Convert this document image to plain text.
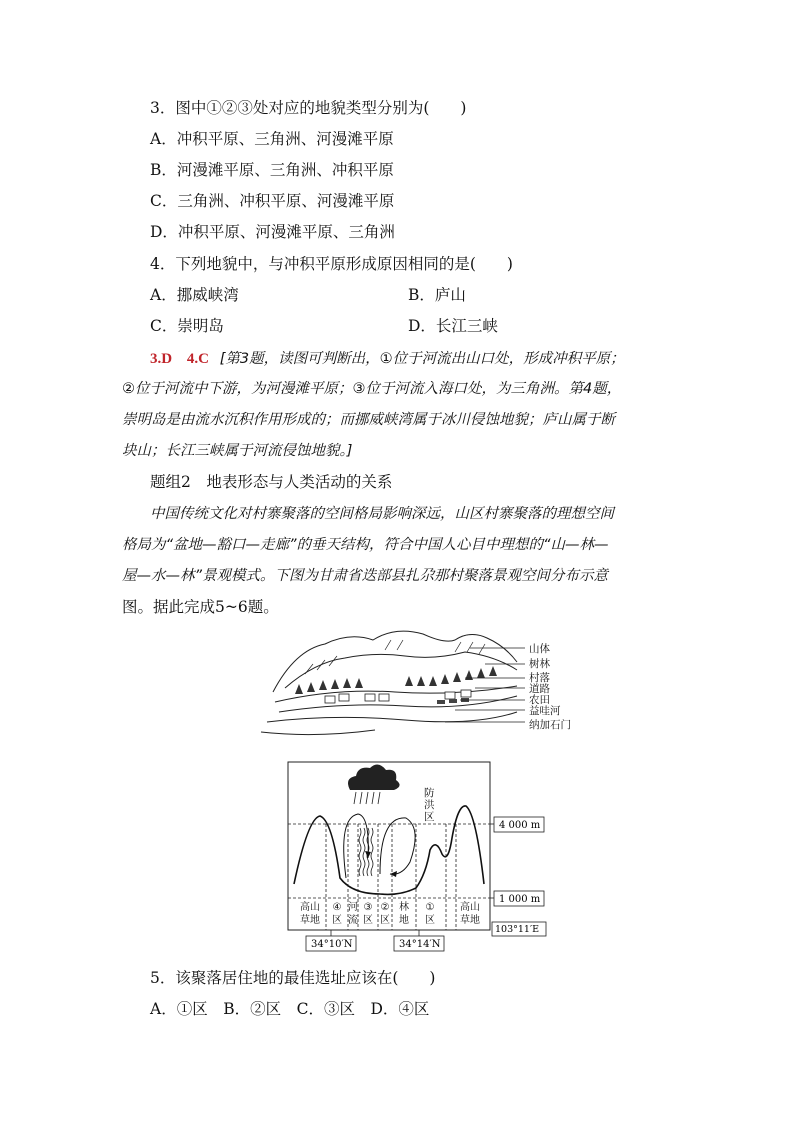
3．图中①②③处对应的地貌类型分别为(　　)
A．冲积平原、三角洲、河漫滩平原
B．河漫滩平原、三角洲、冲积平原
C．三角洲、冲积平原、河漫滩平原
D．冲积平原、河漫滩平原、三角洲
4．下列地貌中，与冲积平原形成原因相同的是(　　)
A．挪威峡湾	B．庐山
C．崇明岛	D．长江三峡
3.D 4.C [第3题，读图可判断出，①位于河流出山口处，形成冲积平原；
②位于河流中下游，为河漫滩平原；③位于河流入海口处，为三角洲。第4题，
崇明岛是由流水沉积作用形成的；而挪威峡湾属于冰川侵蚀地貌；庐山属于断
块山；长江三峡属于河流侵蚀地貌。]
题组2　地表形态与人类活动的关系
中国传统文化对村寨聚落的空间格局影响深远，山区村寨聚落的理想空间
格局为“盆地—豁口—走廊”的垂天结构，符合中国人心目中理想的“山—林—
屋—水—林”景观模式。下图为甘肃省迭部县扎尕那村聚落景观空间分布示意
图。据此完成5~6题。
山体
树林
村落
道路
农田
益哇河
纳加石门
防
洪
区
4 000 m
1 000 m
高山
草地
④
区
河
流
③
区
②
区
林
地
①
区
高山
草地
34°10′N	34°14′N
103°11′E
5．该聚落居住地的最佳选址应该在(　　)
A．①区　B．②区　C．③区　D．④区
